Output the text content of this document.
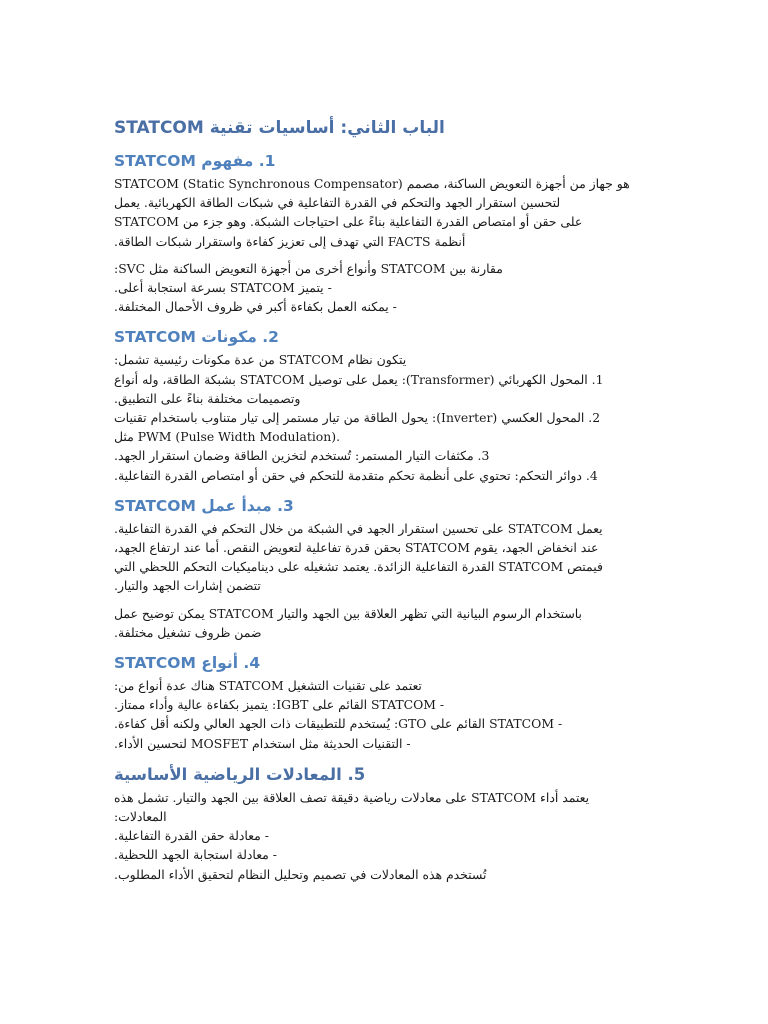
الباب الثاني: أساسيات تقنية STATCOM
1. مفهوم STATCOM
هو جهاز من أجهزة التعويض الساكنة، مصمم STATCOM (Static Synchronous Compensator)
لتحسين استقرار الجهد والتحكم في القدرة التفاعلية في شبكات الطاقة الكهربائية. يعمل
على حقن أو امتصاص القدرة التفاعلية بناءً على احتياجات الشبكة. وهو جزء من STATCOM
أنظمة FACTS التي تهدف إلى تعزيز كفاءة واستقرار شبكات الطاقة.
مقارنة بين STATCOM وأنواع أخرى من أجهزة التعويض الساكنة مثل SVC:
- يتميز STATCOM بسرعة استجابة أعلى.
- يمكنه العمل بكفاءة أكبر في ظروف الأحمال المختلفة.
2. مكونات STATCOM
يتكون نظام STATCOM من عدة مكونات رئيسية تشمل:
1. المحول الكهربائي (Transformer): يعمل على توصيل STATCOM بشبكة الطاقة، وله أنواع
وتصميمات مختلفة بناءً على التطبيق.
2. المحول العكسي (Inverter): يحول الطاقة من تيار مستمر إلى تيار متناوب باستخدام تقنيات
مثل PWM (Pulse Width Modulation).
3. مكثفات التيار المستمر: تُستخدم لتخزين الطاقة وضمان استقرار الجهد.
4. دوائر التحكم: تحتوي على أنظمة تحكم متقدمة للتحكم في حقن أو امتصاص القدرة التفاعلية.
3. مبدأ عمل STATCOM
يعمل STATCOM على تحسين استقرار الجهد في الشبكة من خلال التحكم في القدرة التفاعلية.
عند انخفاض الجهد، يقوم STATCOM بحقن قدرة تفاعلية لتعويض النقص. أما عند ارتفاع الجهد،
فيمتص STATCOM القدرة التفاعلية الزائدة. يعتمد تشغيله على ديناميكيات التحكم اللحظي التي
تتضمن إشارات الجهد والتيار.
باستخدام الرسوم البيانية التي تظهر العلاقة بين الجهد والتيار STATCOM يمكن توضيح عمل
ضمن ظروف تشغيل مختلفة.
4. أنواع STATCOM
تعتمد على تقنيات التشغيل STATCOM هناك عدة أنواع من:
- STATCOM القائم على IGBT: يتميز بكفاءة عالية وأداء ممتاز.
- STATCOM القائم على GTO: يُستخدم للتطبيقات ذات الجهد العالي ولكنه أقل كفاءة.
- التقنيات الحديثة مثل استخدام MOSFET لتحسين الأداء.
5. المعادلات الرياضية الأساسية
يعتمد أداء STATCOM على معادلات رياضية دقيقة تصف العلاقة بين الجهد والتيار. تشمل هذه
المعادلات:
- معادلة حقن القدرة التفاعلية.
- معادلة استجابة الجهد اللحظية.
تُستخدم هذه المعادلات في تصميم وتحليل النظام لتحقيق الأداء المطلوب.
